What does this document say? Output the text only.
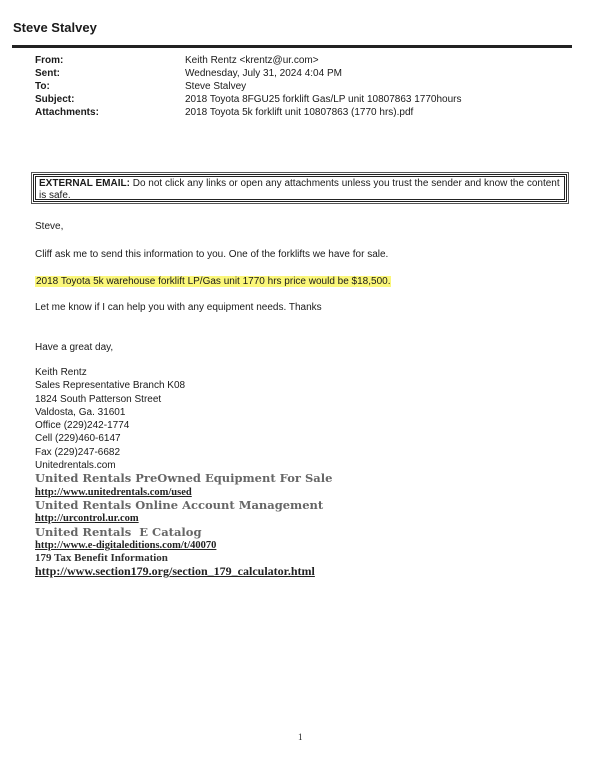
Steve Stalvey
From:	Keith Rentz <krentz@ur.com>
Sent:	Wednesday, July 31, 2024 4:04 PM
To:	Steve Stalvey
Subject:	2018 Toyota 8FGU25 forklift Gas/LP unit 10807863 1770hours
Attachments:	2018 Toyota 5k forklift unit 10807863 (1770 hrs).pdf
EXTERNAL EMAIL: Do not click any links or open any attachments unless you trust the sender and know the content is safe.
Steve,
Cliff ask me to send this information to you. One of the forklifts we have for sale.
2018 Toyota 5k warehouse forklift LP/Gas unit 1770 hrs price would be $18,500.
Let me know if I can help you with any equipment needs. Thanks
Have a great day,
Keith Rentz
Sales Representative Branch K08
1824 South Patterson Street
Valdosta, Ga. 31601
Office (229)242-1774
Cell (229)460-6147
Fax (229)247-6682
Unitedrentals.com
United Rentals PreOwned Equipment For Sale
http://www.unitedrentals.com/used
United Rentals Online Account Management
http://urcontrol.ur.com
United Rentals  E Catalog
http://www.e-digitaleditions.com/t/40070
179 Tax Benefit Information
http://www.section179.org/section_179_calculator.html
1
